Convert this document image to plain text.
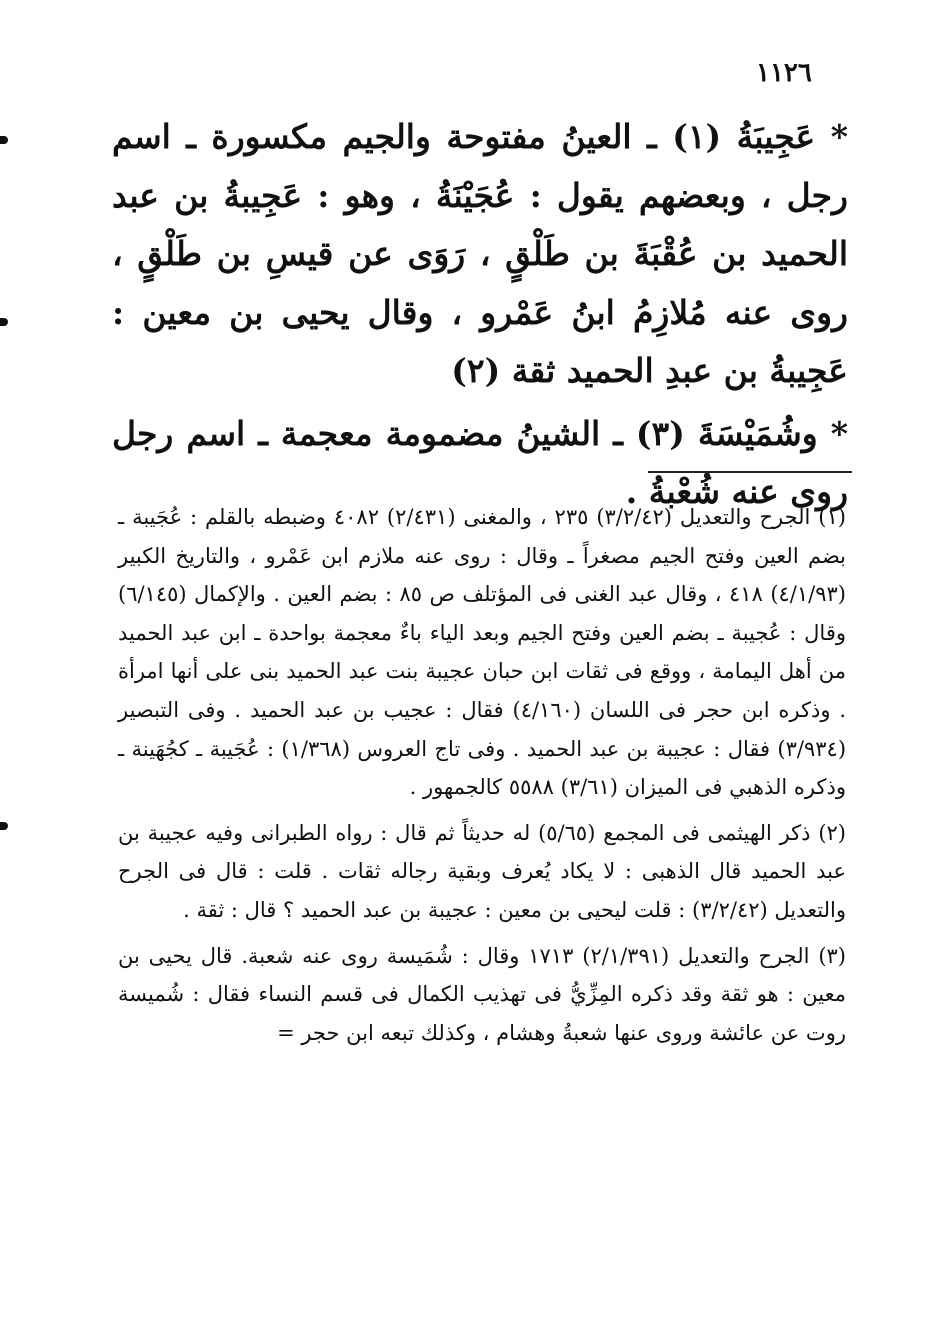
١١٢٦

* عَجِيبَةُ (١) ـ العينُ مفتوحة والجيم مكسورة ـ اسم رجل ، وبعضهم يقول : عُجَيْنَةُ ، وهو : عَجِيبةُ بن عبد الحميد بن عُقْبَةَ بن طَلْقٍ ، رَوَى عن قيسِ بن طَلْقٍ ، روى عنه مُلازِمُ ابنُ عَمْرو ، وقال يحيى بن معين : عَجِيبةُ بن عبدِ الحميد ثقة (٢)

* وشُمَيْسَةَ (٣) ـ الشينُ مضمومة معجمة ـ اسم رجل روى عنه شُعْبةُ .

(١) الجرح والتعديل (٣/٢/٤٢) ٢٣٥ ، والمغنى (٢/٤٣١) ٤٠٨٢ وضبطه بالقلم : عُجَيبة ـ بضم العين وفتح الجيم مصغراً ـ وقال : روى عنه ملازم ابن عَمْرو ، والتاريخ الكبير (٤/١/٩٣) ٤١٨ ، وقال عبد الغنى فى المؤتلف ص ٨٥ : بضم العين . والإكمال (٦/١٤٥) وقال : عُجيبة ـ بضم العين وفتح الجيم وبعد الياء باءٌ معجمة بواحدة ـ ابن عبد الحميد من أهل اليمامة ، ووقع فى ثقات ابن حبان عجيبة بنت عبد الحميد بنى على أنها امرأة . وذكره ابن حجر فى اللسان (٤/١٦٠) فقال : عجيب بن عبد الحميد . وفى التبصير (٣/٩٣٤) فقال : عجيبة بن عبد الحميد . وفى تاج العروس (١/٣٦٨) : عُجَيبة ـ كجُهَينة ـ وذكره الذهبي فى الميزان (٣/٦١) ٥٥٨٨ كالجمهور .

(٢) ذكر الهيثمى فى المجمع (٥/٦٥) له حديثاً ثم قال : رواه الطبرانى وفيه عجيبة بن عبد الحميد قال الذهبى : لا يكاد يُعرف وبقية رجاله ثقات . قلت : قال فى الجرح والتعديل (٣/٢/٤٢) : قلت ليحيى بن معين : عجيبة بن عبد الحميد ؟ قال : ثقة .

(٣) الجرح والتعديل (٢/١/٣٩١) ١٧١٣ وقال : شُمَيسة روى عنه شعبة. قال يحيى بن معين : هو ثقة وقد ذكره المِزِّيُّ فى تهذيب الكمال فى قسم النساء فقال : شُميسة روت عن عائشة وروى عنها شعبةُ وهشام ، وكذلك تبعه ابن حجر =
